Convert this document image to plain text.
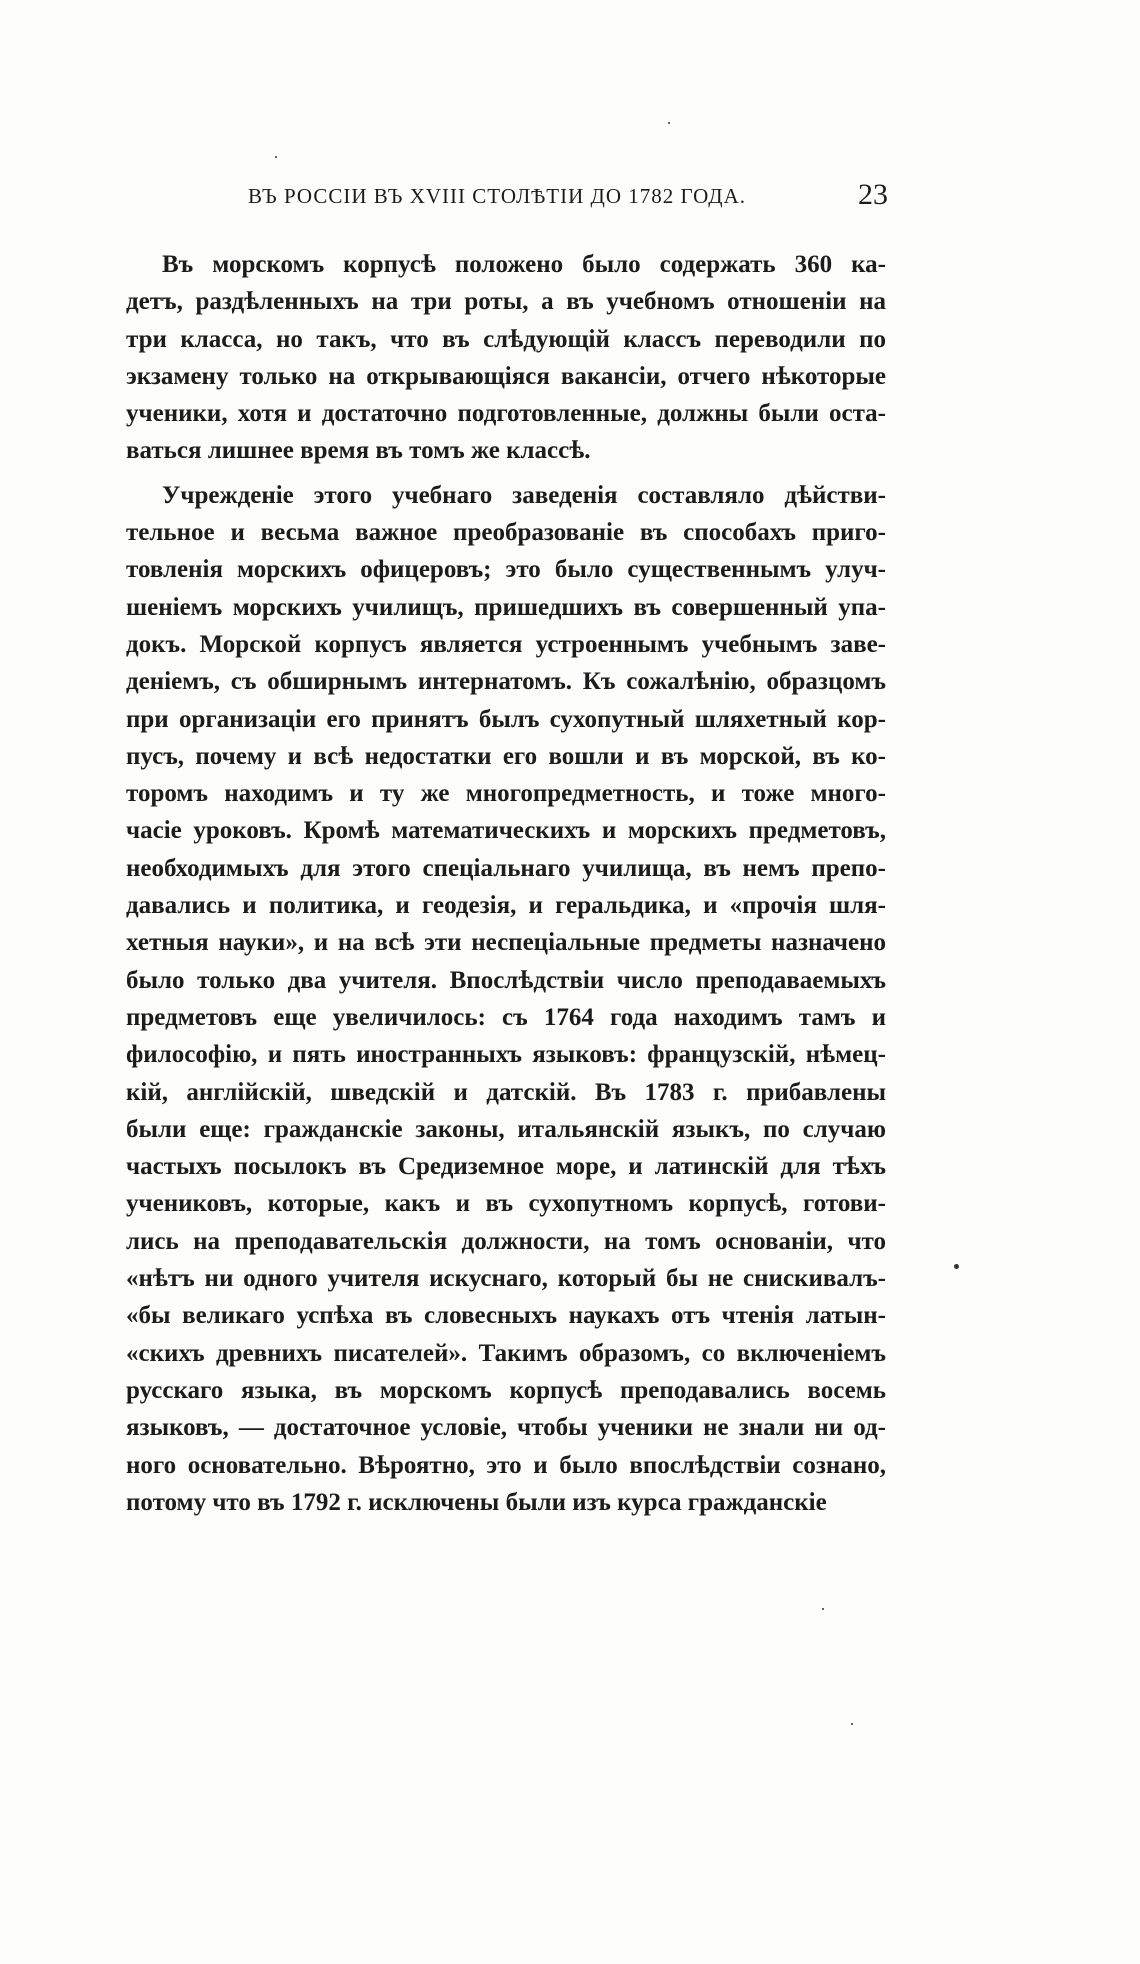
ВЪ РОССІИ ВЪ XVIII СТОЛѢТІИ ДО 1782 ГОДА.	23
Въ морскомъ корпусѣ положено было содержать 360 ка-
детъ, раздѣленныхъ на три роты, а въ учебномъ отношеніи на
три класса, но такъ, что въ слѣдующій классъ переводили по
экзамену только на открывающіяся вакансіи, отчего нѣкоторые
ученики, хотя и достаточно подготовленные, должны были оста-
ваться лишнее время въ томъ же классѣ.
Учрежденіе этого учебнаго заведенія составляло дѣйстви-
тельное и весьма важное преобразованіе въ способахъ приго-
товленія морскихъ офицеровъ; это было существеннымъ улуч-
шеніемъ морскихъ училищъ, пришедшихъ въ совершенный упа-
докъ. Морской корпусъ является устроеннымъ учебнымъ заве-
деніемъ, съ обширнымъ интернатомъ. Къ сожалѣнію, образцомъ
при организаціи его принятъ былъ сухопутный шляхетный кор-
пусъ, почему и всѣ недостатки его вошли и въ морской, въ ко-
торомъ находимъ и ту же многопредметность, и тоже много-
часіе уроковъ. Кромѣ математическихъ и морскихъ предметовъ,
необходимыхъ для этого спеціальнаго училища, въ немъ препо-
давались и политика, и геодезія, и геральдика, и «прочія шля-
хетныя науки», и на всѣ эти неспеціальные предметы назначено
было только два учителя. Впослѣдствіи число преподаваемыхъ
предметовъ еще увеличилось: съ 1764 года находимъ тамъ и
философію, и пять иностранныхъ языковъ: французскій, нѣмец-
кій, англійскій, шведскій и датскій. Въ 1783 г. прибавлены
были еще: гражданскіе законы, итальянскій языкъ, по случаю
частыхъ посылокъ въ Средиземное море, и латинскій для тѣхъ
учениковъ, которые, какъ и въ сухопутномъ корпусѣ, готови-
лись на преподавательскія должности, на томъ основаніи, что
«нѣтъ ни одного учителя искуснаго, который бы не снискивалъ-
«бы великаго успѣха въ словесныхъ наукахъ отъ чтенія латын-
«скихъ древнихъ писателей». Такимъ образомъ, со включеніемъ
русскаго языка, въ морскомъ корпусѣ преподавались восемь
языковъ, — достаточное условіе, чтобы ученики не знали ни од-
ного основательно. Вѣроятно, это и было впослѣдствіи сознано,
потому что въ 1792 г. исключены были изъ курса гражданскіе
